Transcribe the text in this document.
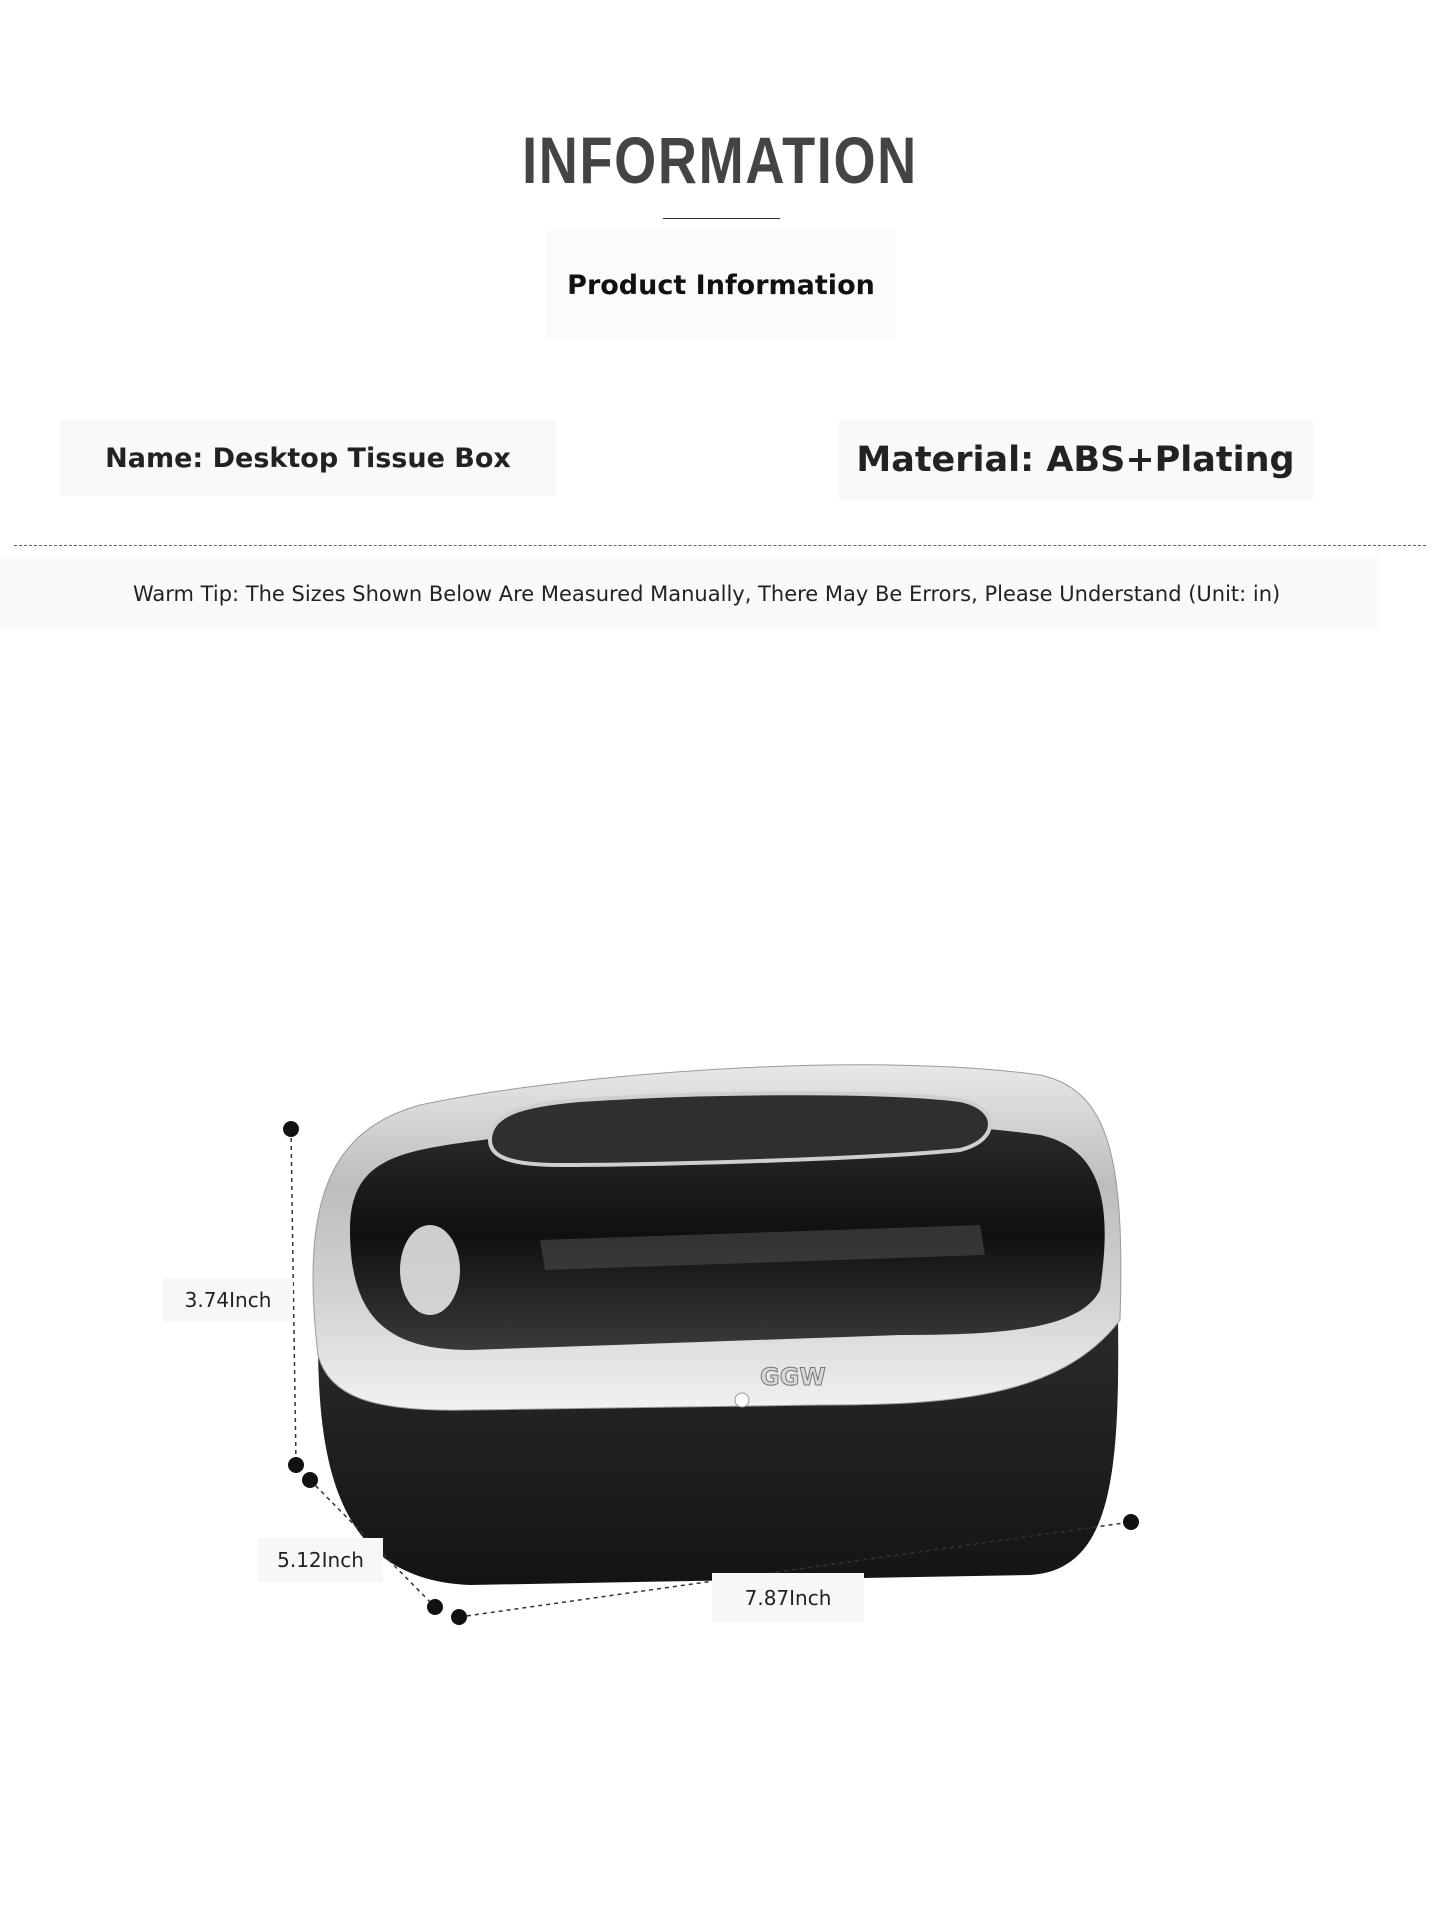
INFORMATION
Product Information
Name: Desktop Tissue Box	Material: ABS+Plating
Warm Tip: The Sizes Shown Below Are Measured Manually, There May Be Errors, Please Understand (Unit: in)
GGW
3.74Inch
5.12Inch
7.87Inch
